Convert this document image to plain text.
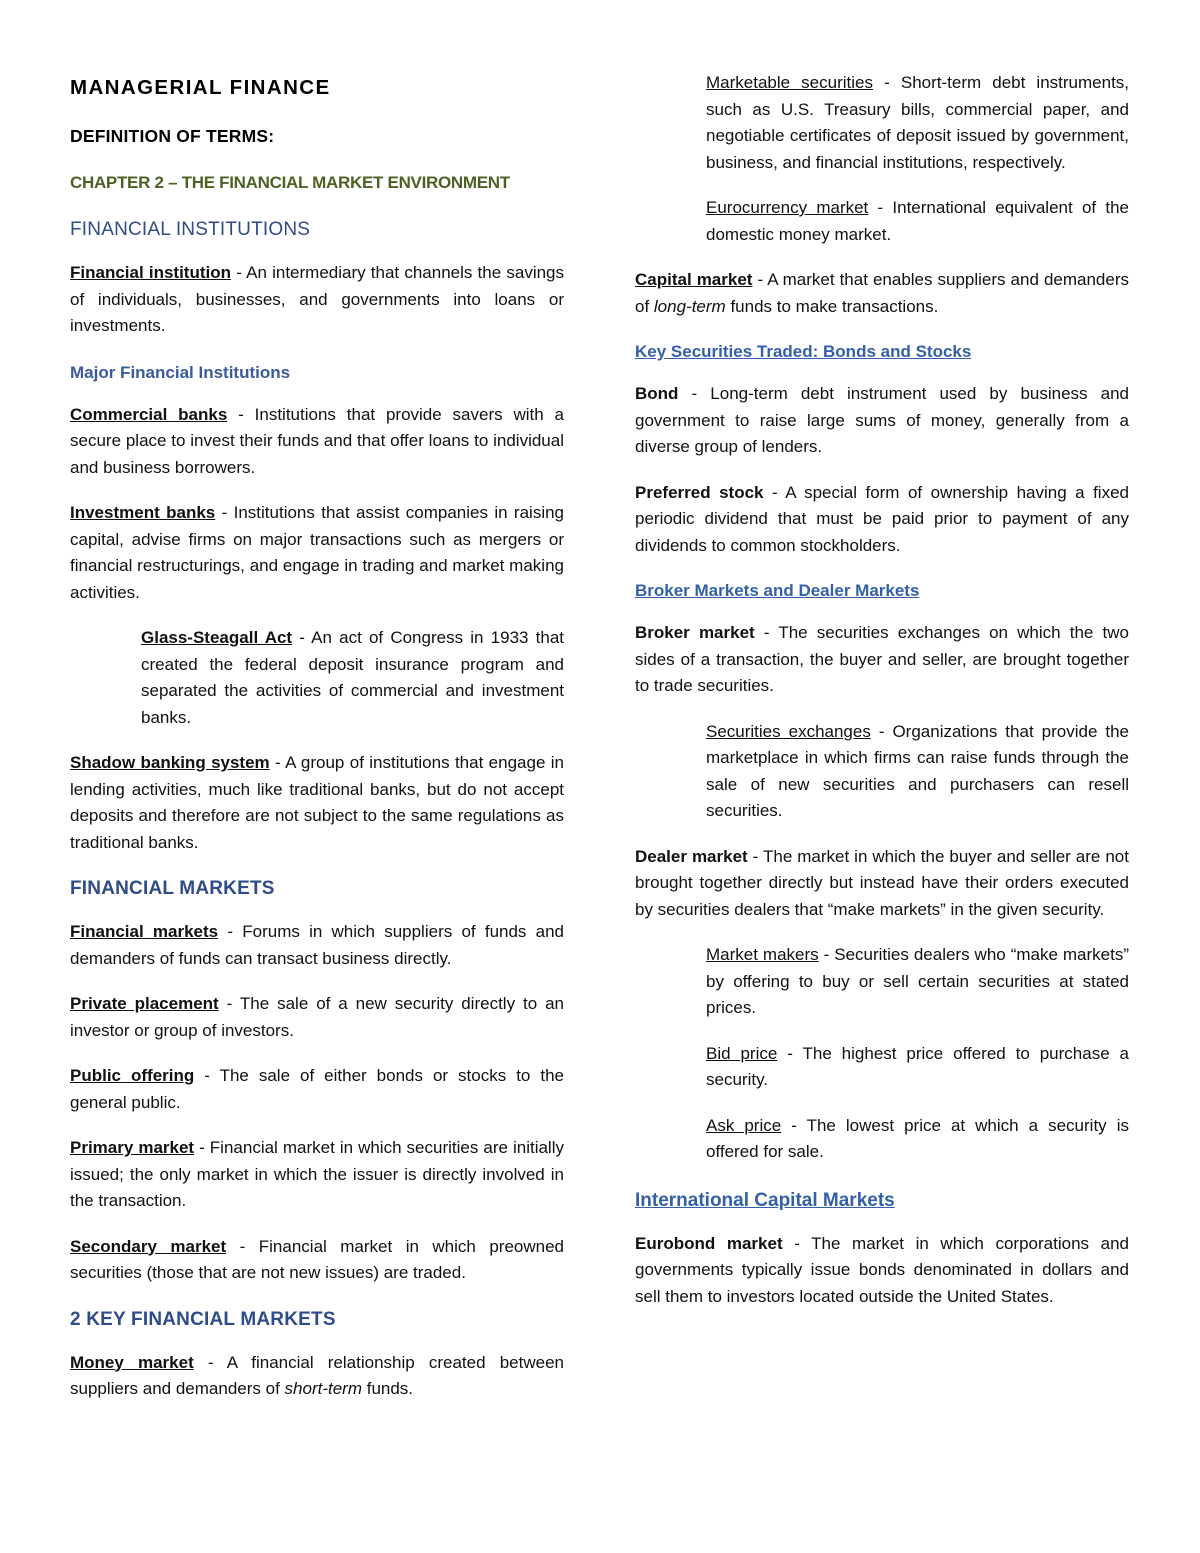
MANAGERIAL FINANCE
DEFINITION OF TERMS:
CHAPTER 2 – THE FINANCIAL MARKET ENVIRONMENT
FINANCIAL INSTITUTIONS

Financial institution - An intermediary that channels the savings of individuals, businesses, and governments into loans or investments.

Major Financial Institutions

Commercial banks - Institutions that provide savers with a secure place to invest their funds and that offer loans to individual and business borrowers.

Investment banks - Institutions that assist companies in raising capital, advise firms on major transactions such as mergers or financial restructurings, and engage in trading and market making activities.

Glass-Steagall Act - An act of Congress in 1933 that created the federal deposit insurance program and separated the activities of commercial and investment banks.

Shadow banking system - A group of institutions that engage in lending activities, much like traditional banks, but do not accept deposits and therefore are not subject to the same regulations as traditional banks.

FINANCIAL MARKETS

Financial markets - Forums in which suppliers of funds and demanders of funds can transact business directly.

Private placement - The sale of a new security directly to an investor or group of investors.

Public offering - The sale of either bonds or stocks to the general public.

Primary market - Financial market in which securities are initially issued; the only market in which the issuer is directly involved in the transaction.

Secondary market - Financial market in which preowned securities (those that are not new issues) are traded.

2 KEY FINANCIAL MARKETS

Money market - A financial relationship created between suppliers and demanders of short-term funds.

Marketable securities - Short-term debt instruments, such as U.S. Treasury bills, commercial paper, and negotiable certificates of deposit issued by government, business, and financial institutions, respectively.

Eurocurrency market - International equivalent of the domestic money market.

Capital market - A market that enables suppliers and demanders of long-term funds to make transactions.

Key Securities Traded: Bonds and Stocks

Bond - Long-term debt instrument used by business and government to raise large sums of money, generally from a diverse group of lenders.

Preferred stock - A special form of ownership having a fixed periodic dividend that must be paid prior to payment of any dividends to common stockholders.

Broker Markets and Dealer Markets

Broker market - The securities exchanges on which the two sides of a transaction, the buyer and seller, are brought together to trade securities.

Securities exchanges - Organizations that provide the marketplace in which firms can raise funds through the sale of new securities and purchasers can resell securities.

Dealer market - The market in which the buyer and seller are not brought together directly but instead have their orders executed by securities dealers that “make markets” in the given security.

Market makers - Securities dealers who “make markets” by offering to buy or sell certain securities at stated prices.

Bid price - The highest price offered to purchase a security.

Ask price - The lowest price at which a security is offered for sale.

International Capital Markets

Eurobond market - The market in which corporations and governments typically issue bonds denominated in dollars and sell them to investors located outside the United States.
